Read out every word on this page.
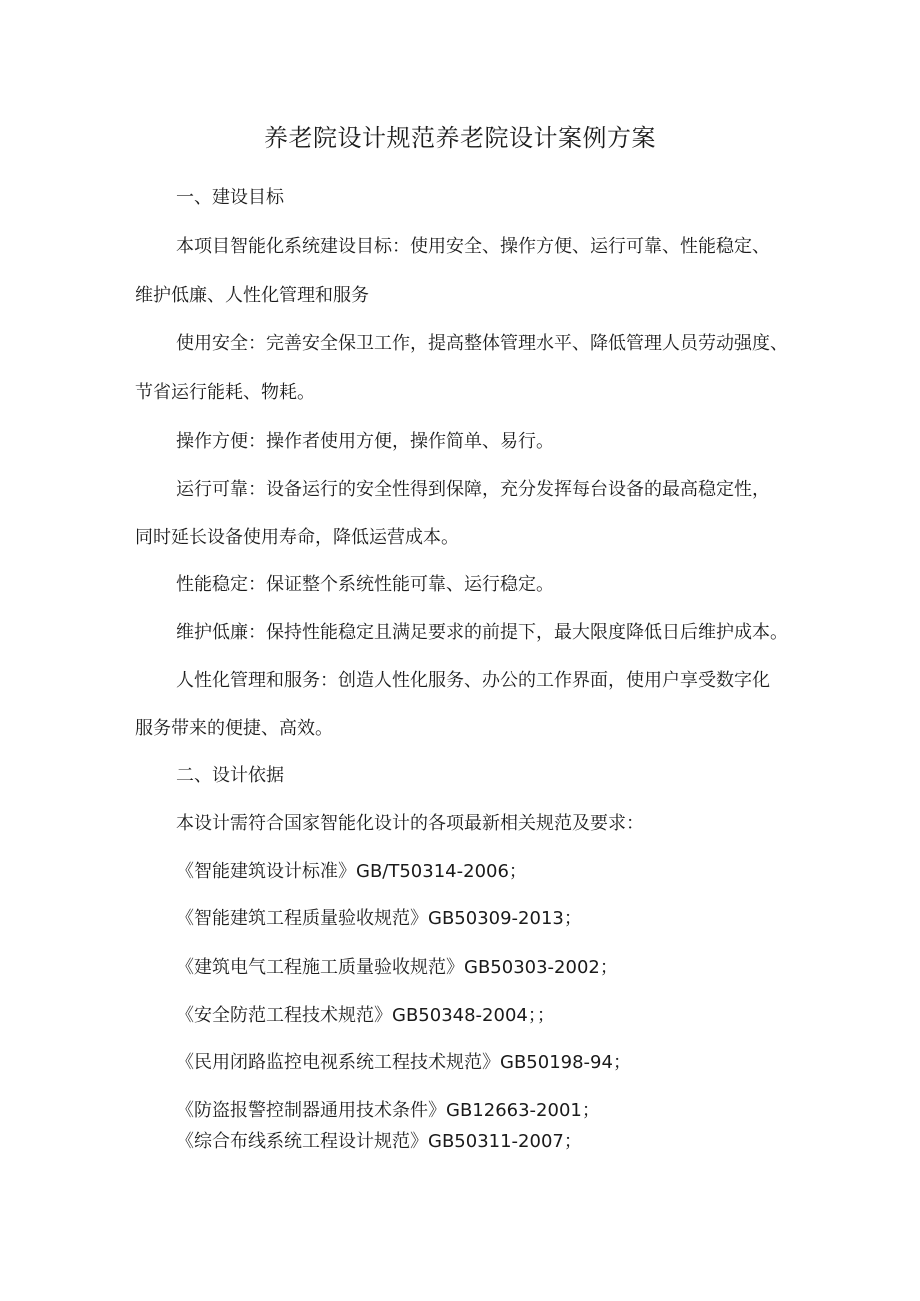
养老院设计规范养老院设计案例方案
一、建设目标
本项目智能化系统建设目标：使用安全、操作方便、运行可靠、性能稳定、
维护低廉、人性化管理和服务
使用安全：完善安全保卫工作，提高整体管理水平、降低管理人员劳动强度、
节省运行能耗、物耗。
操作方便：操作者使用方便，操作简单、易行。
运行可靠：设备运行的安全性得到保障，充分发挥每台设备的最高稳定性，
同时延长设备使用寿命，降低运营成本。
性能稳定：保证整个系统性能可靠、运行稳定。
维护低廉：保持性能稳定且满足要求的前提下，最大限度降低日后维护成本。
人性化管理和服务：创造人性化服务、办公的工作界面，使用户享受数字化
服务带来的便捷、高效。
二、设计依据
本设计需符合国家智能化设计的各项最新相关规范及要求：
《智能建筑设计标准》GB/T50314-2006；
《智能建筑工程质量验收规范》GB50309-2013；
《建筑电气工程施工质量验收规范》GB50303-2002；
《安全防范工程技术规范》GB50348-2004；；
《民用闭路监控电视系统工程技术规范》GB50198-94；
《防盗报警控制器通用技术条件》GB12663-2001；
《综合布线系统工程设计规范》GB50311-2007；
